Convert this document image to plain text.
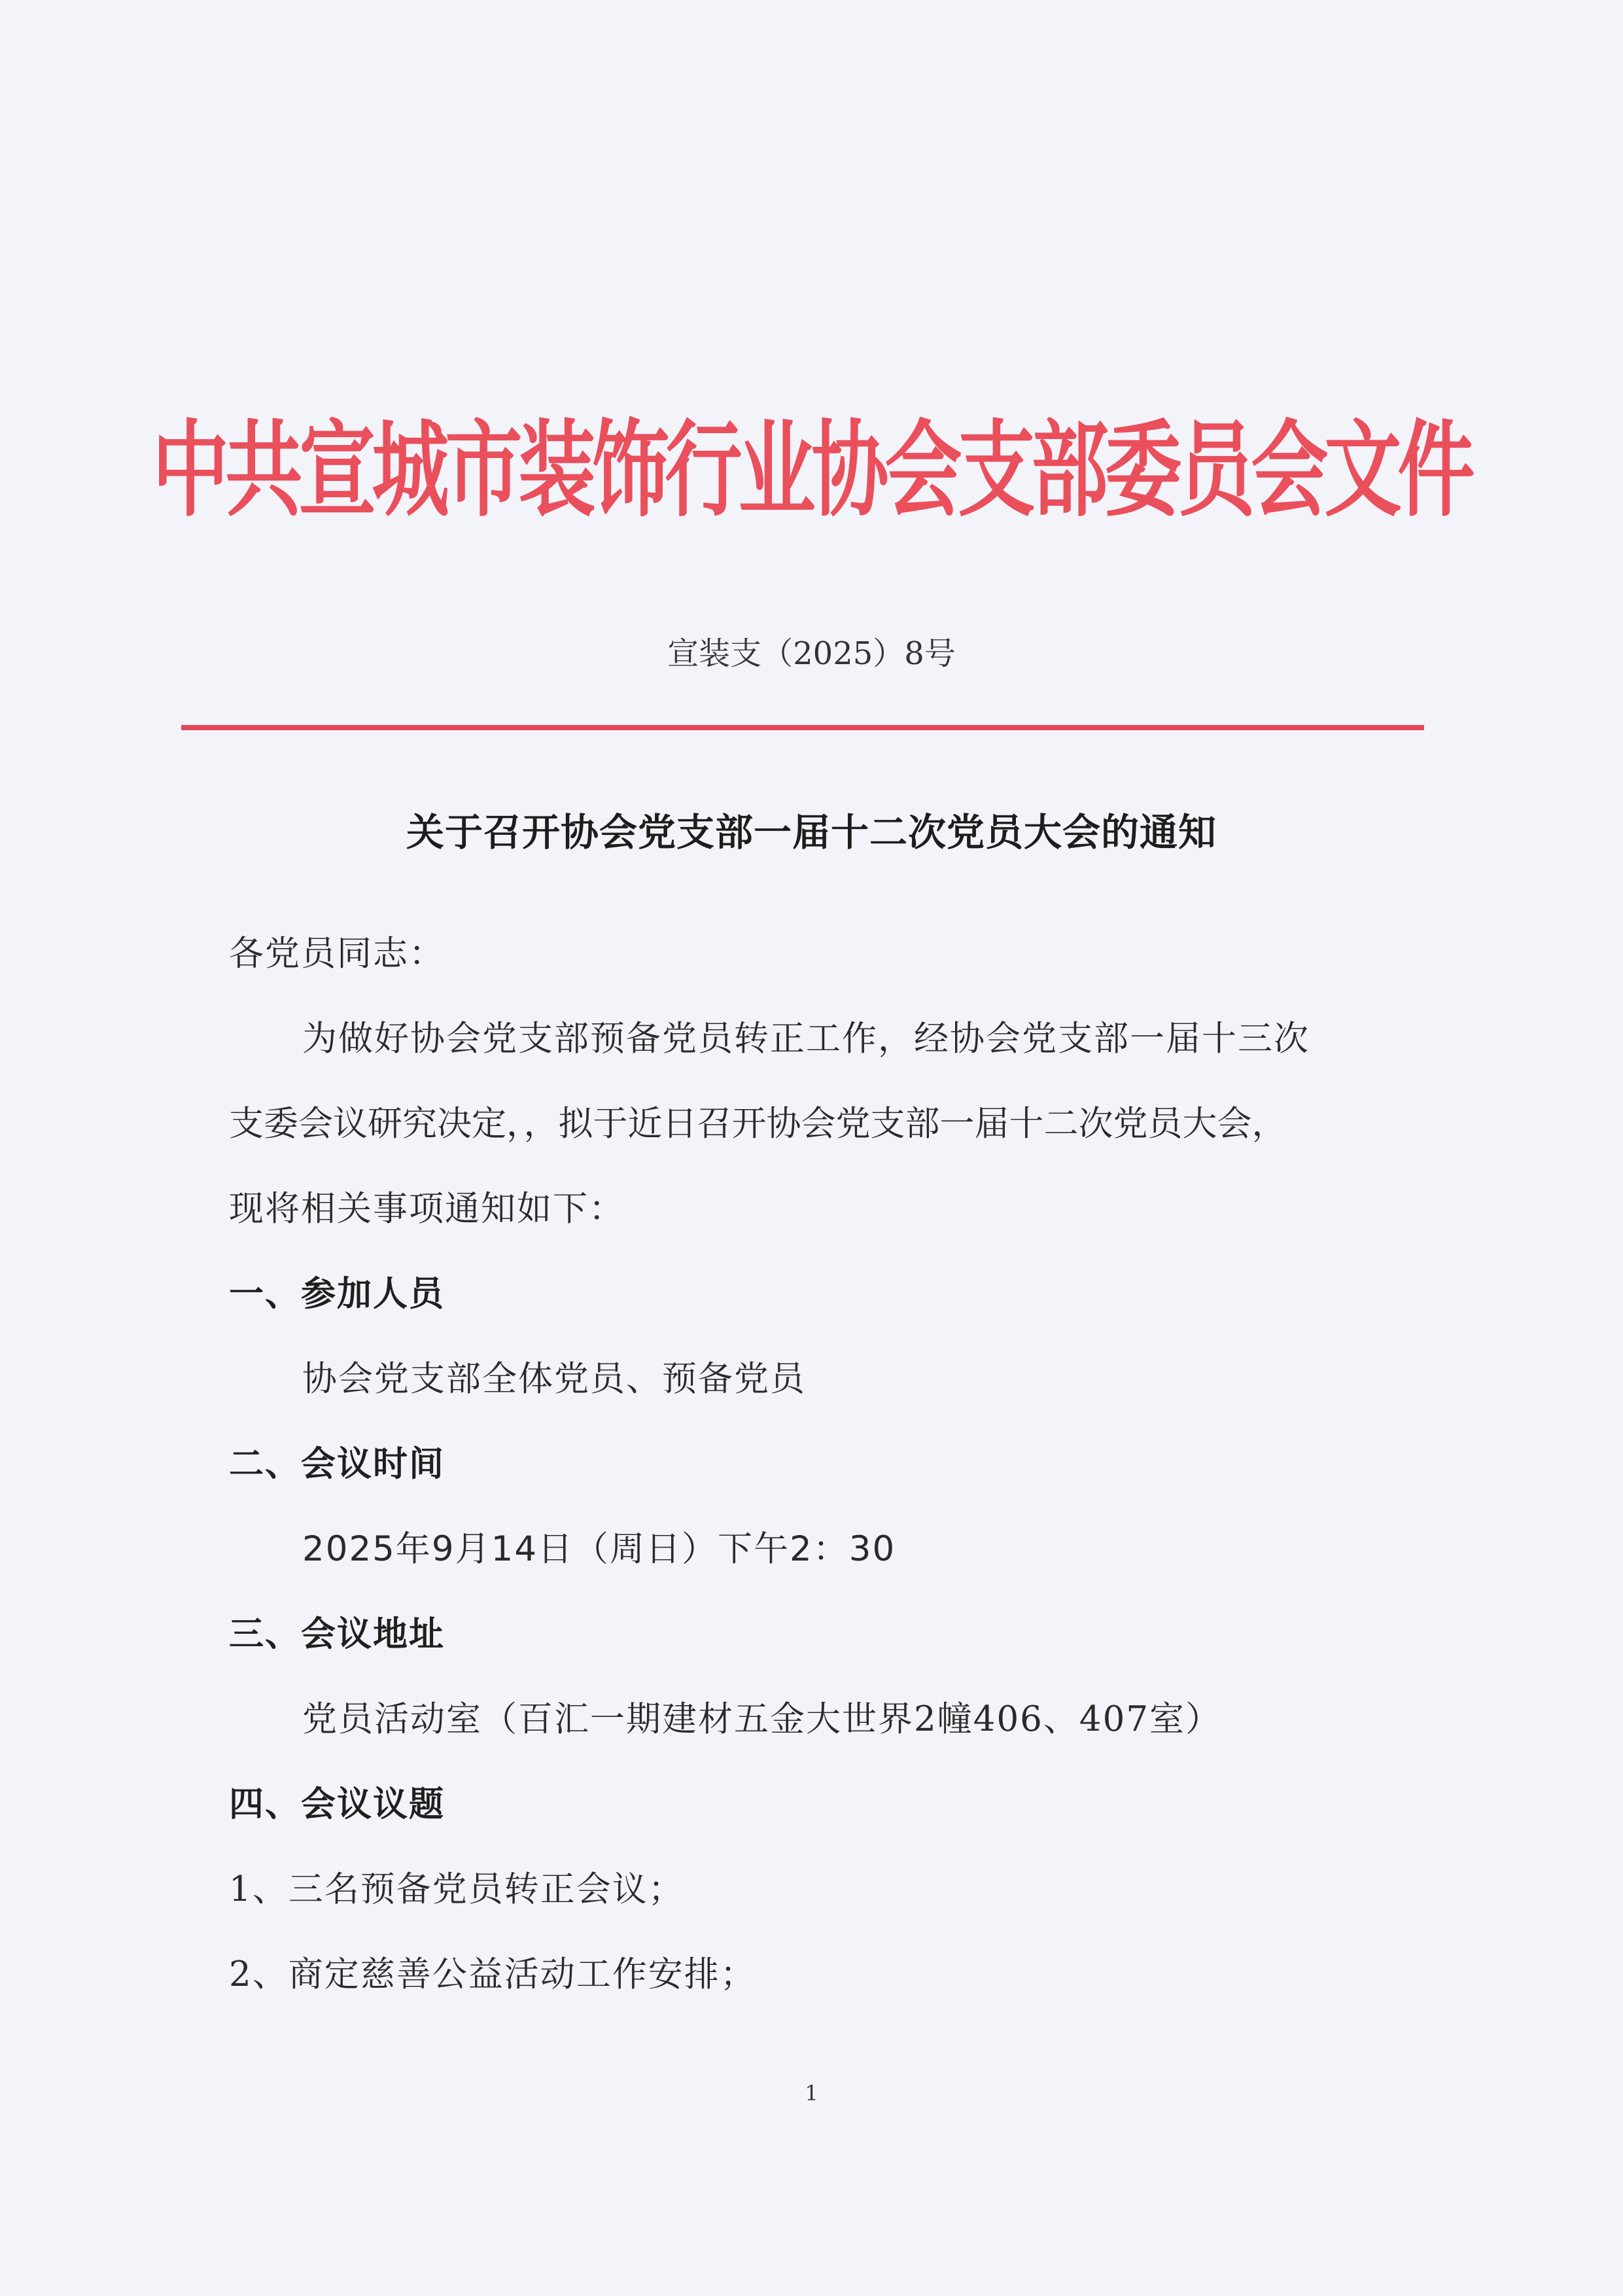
中共宣城市装饰行业协会支部委员会文件
宣装支（2025）8号
关于召开协会党支部一届十二次党员大会的通知
各党员同志：
为做好协会党支部预备党员转正工作，经协会党支部一届十三次
支委会议研究决定，，拟于近日召开协会党支部一届十二次党员大会，
现将相关事项通知如下：
一、参加人员
协会党支部全体党员、预备党员
二、会议时间
2025年9月14日（周日）下午2：30
三、会议地址
党员活动室（百汇一期建材五金大世界2幢406、407室）
四、会议议题
1、三名预备党员转正会议；
2、商定慈善公益活动工作安排；
1
